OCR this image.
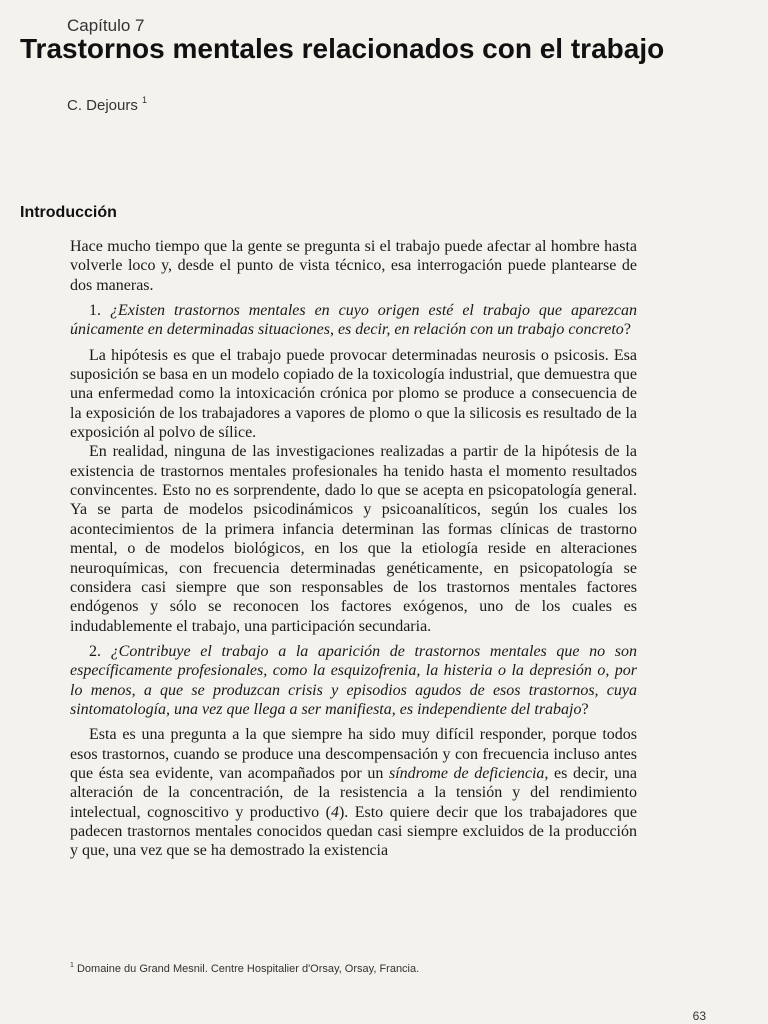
Capítulo 7
Trastornos mentales relacionados con el trabajo
C. Dejours $^1$
Introducción

Hace mucho tiempo que la gente se pregunta si el trabajo puede afectar al hombre hasta volverle loco y, desde el punto de vista técnico, esa interrogación puede plantearse de dos maneras.

1. ¿Existen trastornos mentales en cuyo origen esté el trabajo que aparezcan únicamente en determinadas situaciones, es decir, en relación con un trabajo concreto?

La hipótesis es que el trabajo puede provocar determinadas neurosis o psicosis. Esa suposición se basa en un modelo copiado de la toxicología industrial, que demuestra que una enfermedad como la intoxicación crónica por plomo se produce a consecuencia de la exposición de los trabajadores a vapores de plomo o que la silicosis es resultado de la exposición al polvo de sílice.

En realidad, ninguna de las investigaciones realizadas a partir de la hipótesis de la existencia de trastornos mentales profesionales ha tenido hasta el momento resultados convincentes. Esto no es sorprendente, dado lo que se acepta en psicopatología general. Ya se parta de modelos psicodinámicos y psicoanalíticos, según los cuales los acontecimientos de la primera infancia determinan las formas clínicas de trastorno mental, o de modelos biológicos, en los que la etiología reside en alteraciones neuroquímicas, con frecuencia determinadas genéticamente, en psicopatología se considera casi siempre que son responsables de los trastornos mentales factores endógenos y sólo se reconocen los factores exógenos, uno de los cuales es indudablemente el trabajo, una participación secundaria.

2. ¿Contribuye el trabajo a la aparición de trastornos mentales que no son específicamente profesionales, como la esquizofrenia, la histeria o la depresión o, por lo menos, a que se produzcan crisis y episodios agudos de esos trastornos, cuya sintomatología, una vez que llega a ser manifiesta, es independiente del trabajo?

Esta es una pregunta a la que siempre ha sido muy difícil responder, porque todos esos trastornos, cuando se produce una descompensación y con frecuencia incluso antes que ésta sea evidente, van acompañados por un síndrome de deficiencia, es decir, una alteración de la concentración, de la resistencia a la tensión y del rendimiento intelectual, cognoscitivo y productivo (4). Esto quiere decir que los trabajadores que padecen trastornos mentales conocidos quedan casi siempre excluidos de la producción y que, una vez que se ha demostrado la existencia

$^1$ Domaine du Grand Mesnil. Centre Hospitalier d'Orsay, Orsay, Francia.
63
